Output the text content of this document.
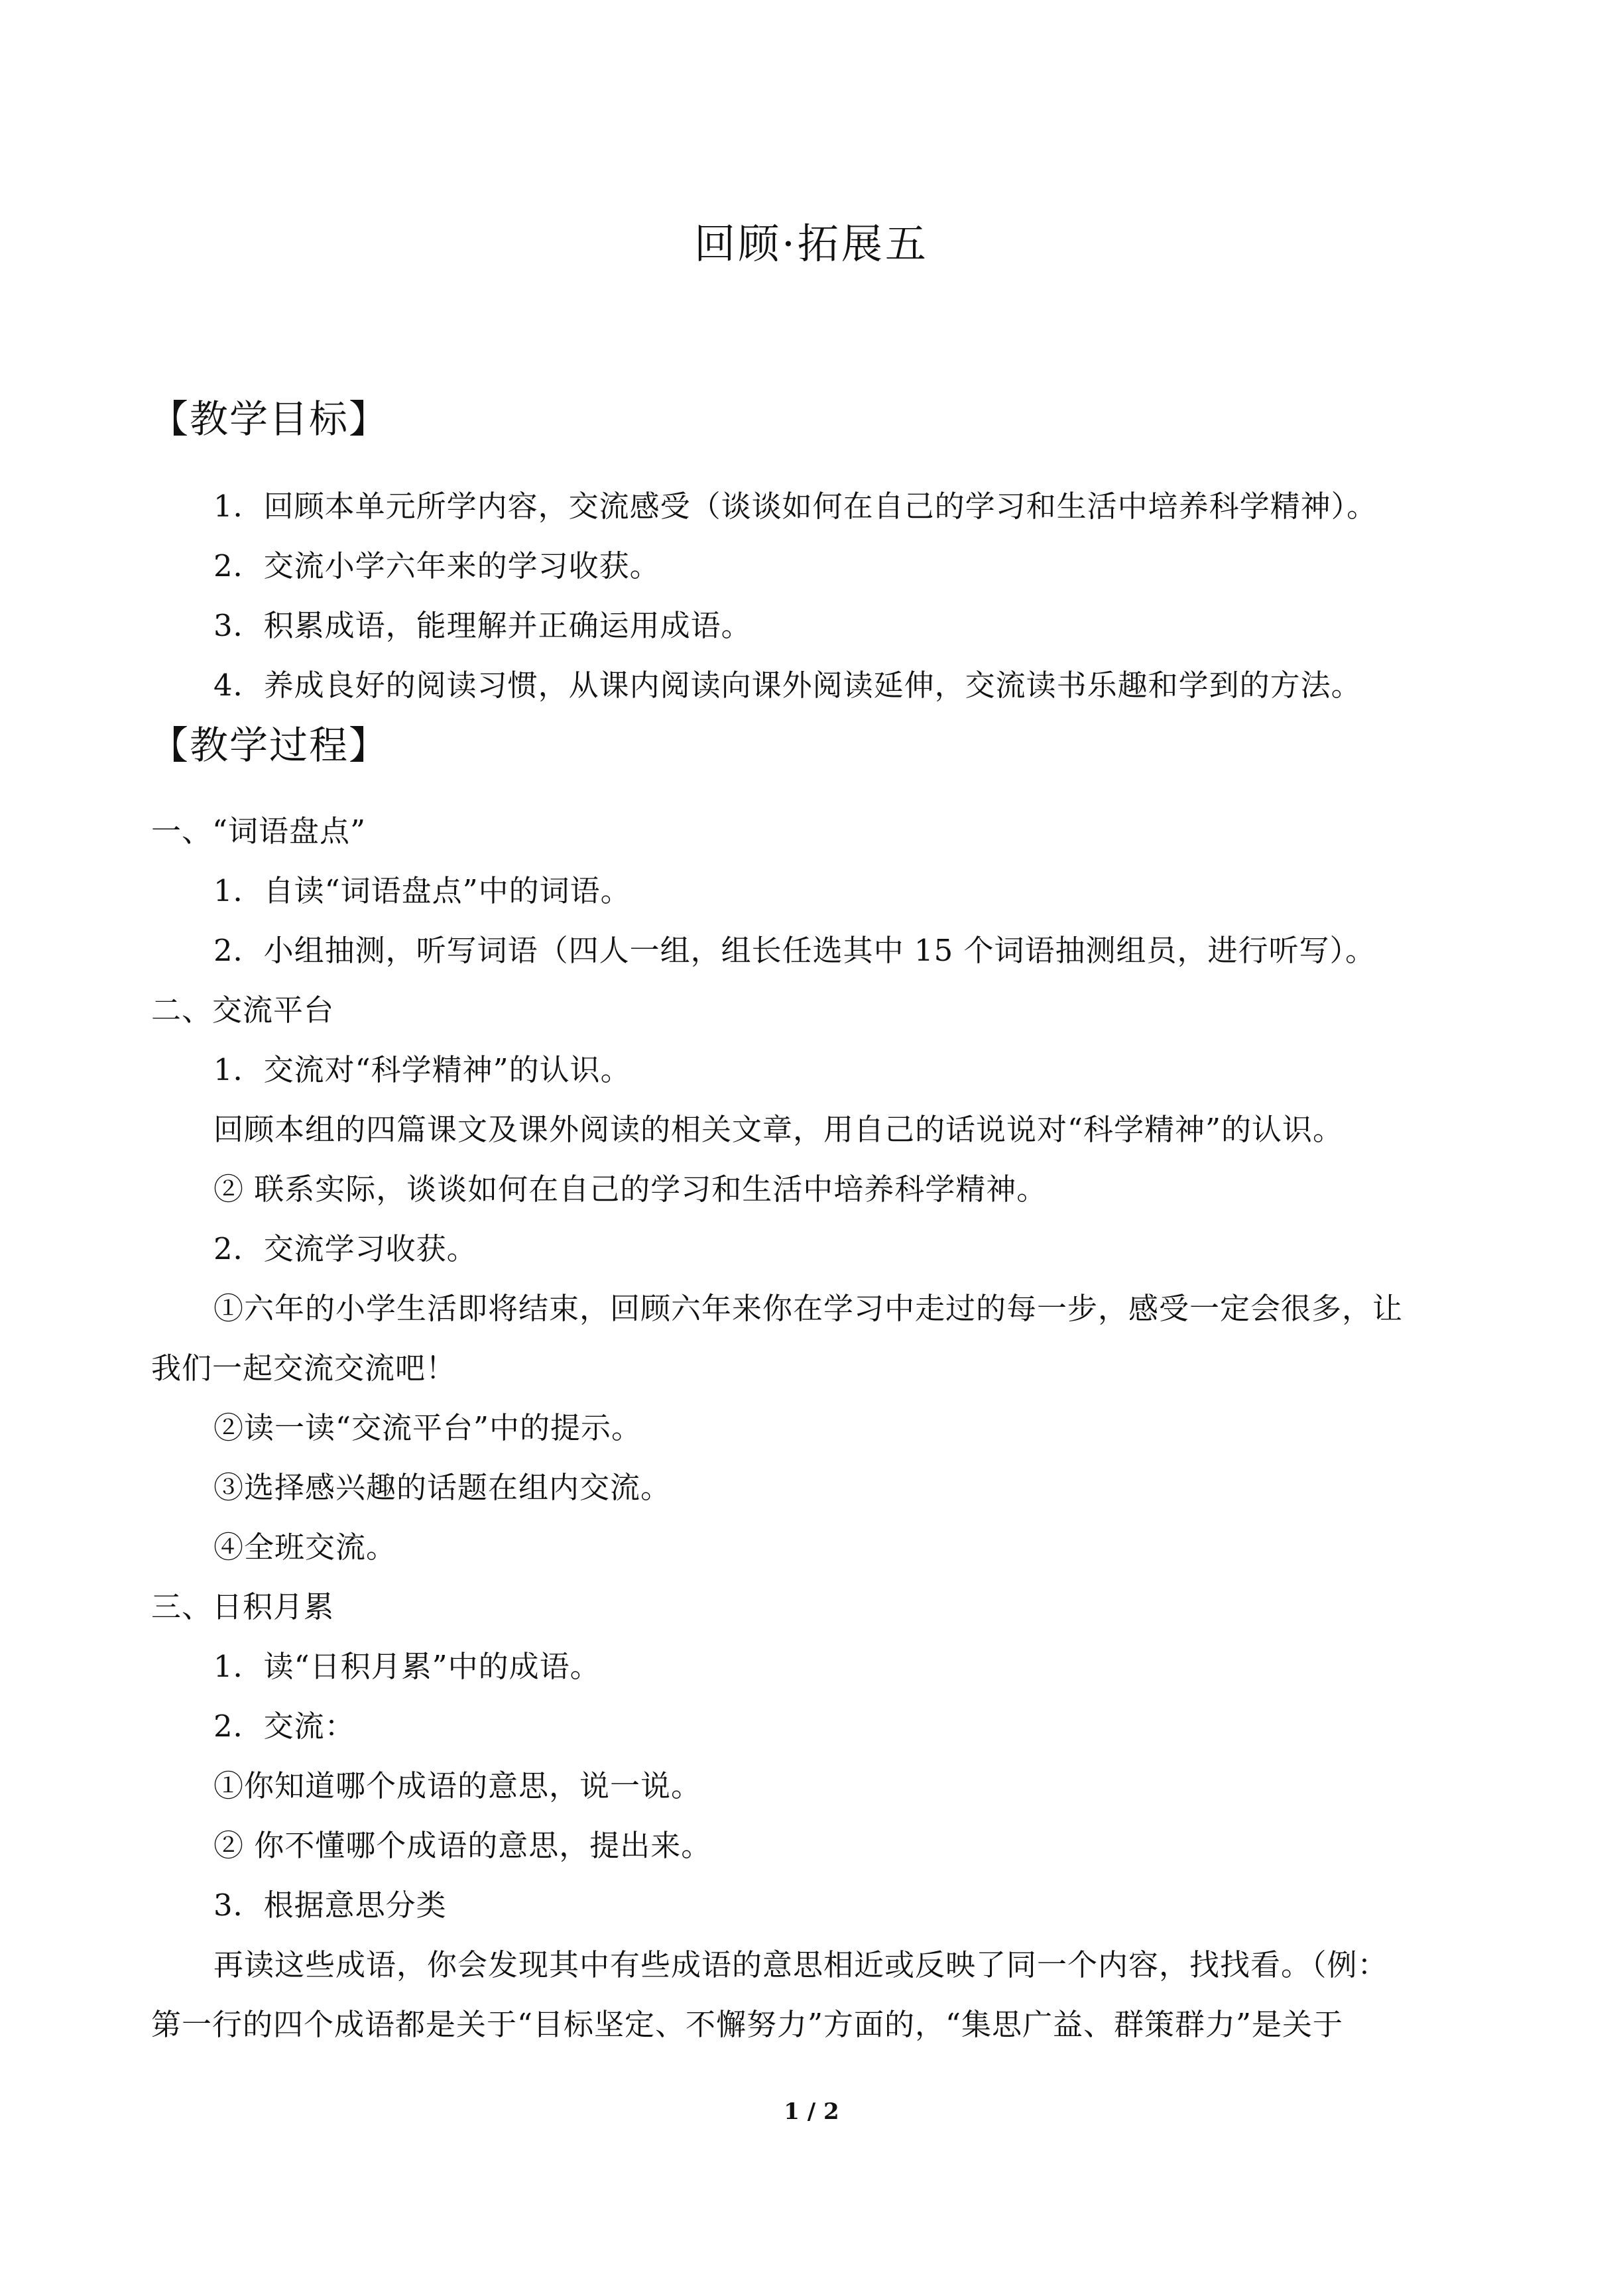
回顾·拓展五
【教学目标】
1．回顾本单元所学内容，交流感受（谈谈如何在自己的学习和生活中培养科学精神）。
2．交流小学六年来的学习收获。
3．积累成语，能理解并正确运用成语。
4．养成良好的阅读习惯，从课内阅读向课外阅读延伸，交流读书乐趣和学到的方法。
【教学过程】
一、“词语盘点”
1．自读“词语盘点”中的词语。
2．小组抽测，听写词语（四人一组，组长任选其中 15 个词语抽测组员，进行听写）。
二、交流平台
1．交流对“科学精神”的认识。
回顾本组的四篇课文及课外阅读的相关文章，用自己的话说说对“科学精神”的认识。
② 联系实际，谈谈如何在自己的学习和生活中培养科学精神。
2．交流学习收获。
①六年的小学生活即将结束，回顾六年来你在学习中走过的每一步，感受一定会很多，让
我们一起交流交流吧！
②读一读“交流平台”中的提示。
③选择感兴趣的话题在组内交流。
④全班交流。
三、日积月累
1．读“日积月累”中的成语。
2．交流：
①你知道哪个成语的意思，说一说。
② 你不懂哪个成语的意思，提出来。
3．根据意思分类
再读这些成语，你会发现其中有些成语的意思相近或反映了同一个内容，找找看。（例：
第一行的四个成语都是关于“目标坚定、不懈努力”方面的，“集思广益、群策群力”是关于
1 / 2
